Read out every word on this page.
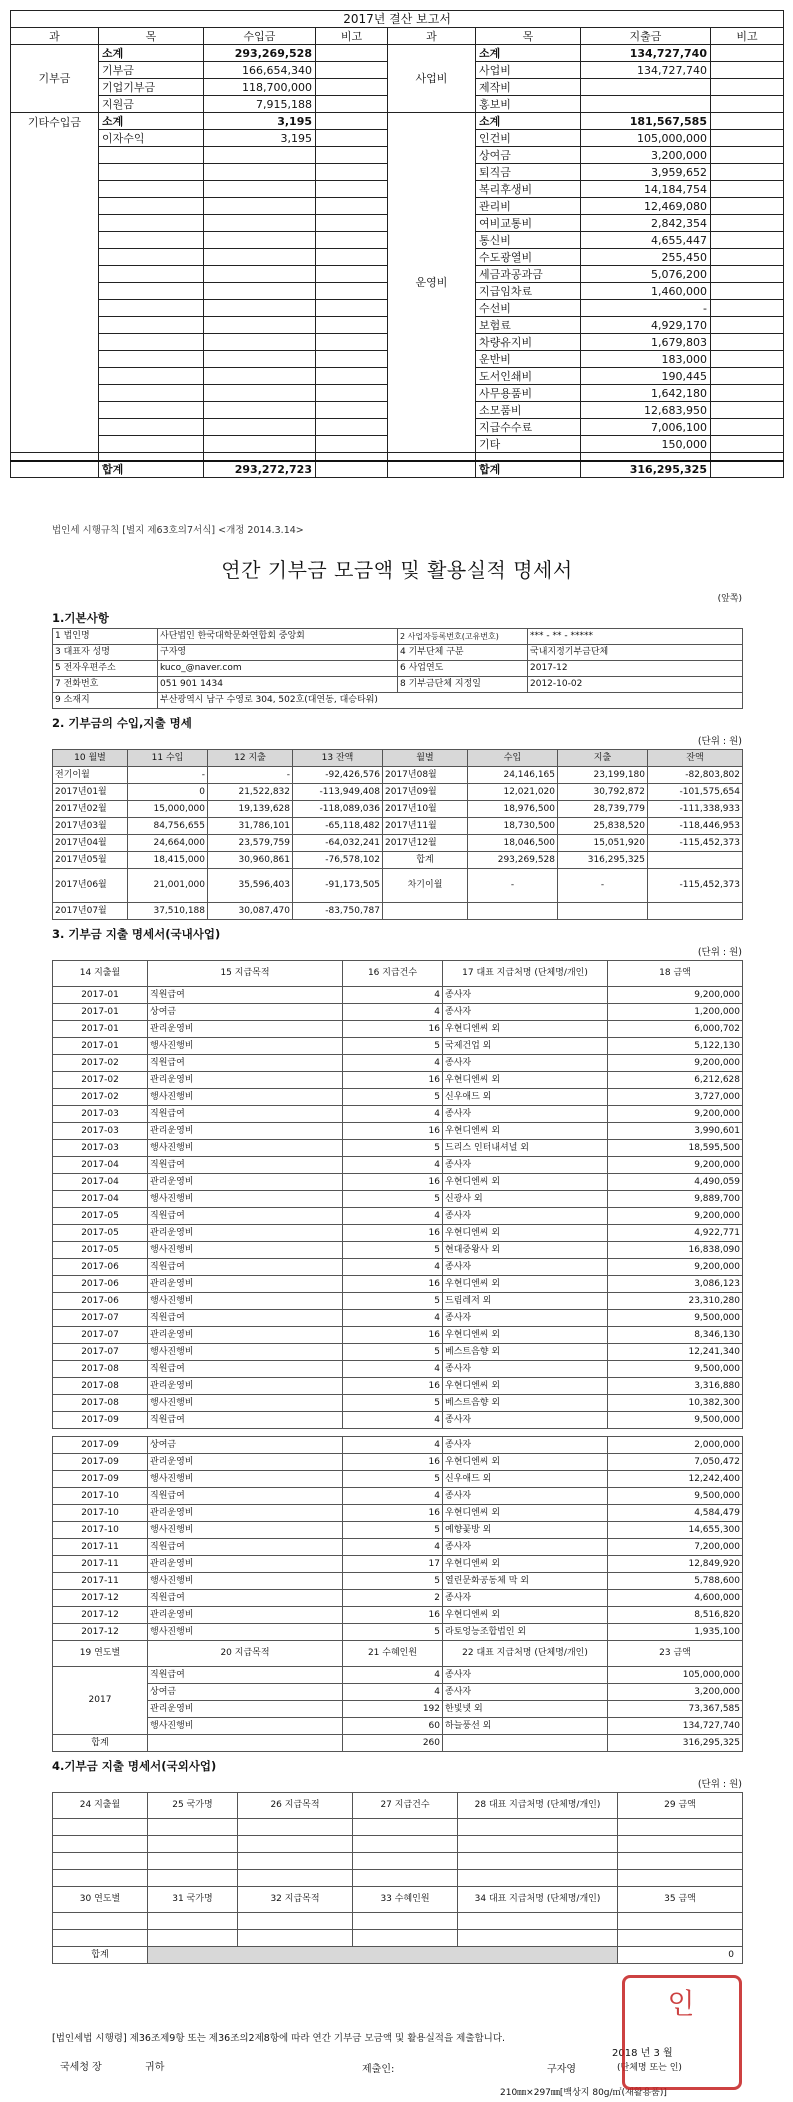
2017년 결산 보고서							
과	목	수입금	비고	과	목	지출금	비고
기부금	소계	293,269,528		사업비	소계	134,727,740	
	기부금	166,654,340			사업비	134,727,740	
	기업기부금	118,700,000			제작비		
	지원금	7,915,188			홍보비		
기타수입금	소계	3,195		운영비	소계	181,567,585	
	이자수익	3,195			인건비	105,000,000	
					상여금	3,200,000	
					퇴직금	3,959,652	
					복리후생비	14,184,754	
					관리비	12,469,080	
					여비교통비	2,842,354	
					통신비	4,655,447	
					수도광열비	255,450	
					세금과공과금	5,076,200	
					지급임차료	1,460,000	
					수선비	-	
					보험료	4,929,170	
					차량유지비	1,679,803	
					운반비	183,000	
					도서인쇄비	190,445	
					사무용품비	1,642,180	
					소모품비	12,683,950	
					지급수수료	7,006,100	
					기타	150,000	

	합계	293,272,723			합계	316,295,325	
법인세 시행규칙 [별지 제63호의7서식] <개정 2014.3.14>
연간 기부금 모금액 및 활용실적 명세서
(앞쪽)
1.기본사항
1 법인명	사단법인 한국대학문화연합회 중앙회	2 사업자등록번호(고유번호)	*** - ** - *****
3 대표자 성명	구자영	4 기부단체 구분	국내지정기부금단체
5 전자우편주소	kuco_@naver.com	6 사업연도	2017-12
7 전화번호	051 901 1434	8 기부금단체 지정일	2012-10-02
9 소재지	부산광역시 남구 수영로 304, 502호(대연동, 대승타워)		
2. 기부금의 수입,지출 명세
(단위 : 원)
10 월별	11 수입	12 지출	13 잔액	월별	수입	지출	잔액
전기이월	-	-	-92,426,576	2017년08월	24,146,165	23,199,180	-82,803,802
2017년01월	0	21,522,832	-113,949,408	2017년09월	12,021,020	30,792,872	-101,575,654
2017년02월	15,000,000	19,139,628	-118,089,036	2017년10월	18,976,500	28,739,779	-111,338,933
2017년03월	84,756,655	31,786,101	-65,118,482	2017년11월	18,730,500	25,838,520	-118,446,953
2017년04월	24,664,000	23,579,759	-64,032,241	2017년12월	18,046,500	15,051,920	-115,452,373
2017년05월	18,415,000	30,960,861	-76,578,102	합계	293,269,528	316,295,325	
2017년06월	21,001,000	35,596,403	-91,173,505	차기이월	-	-	-115,452,373
2017년07월	37,510,188	30,087,470	-83,750,787				
3. 기부금 지출 명세서(국내사업)
(단위 : 원)
14 지출월	15 지급목적	16 지급건수	17 대표 지급처명 (단체명/개인)	18 금액
2017-01	직원급여	4	종사자	9,200,000
2017-01	상여금	4	종사자	1,200,000
2017-01	관리운영비	16	우현디엔씨 외	6,000,702
2017-01	행사진행비	5	국제건업 외	5,122,130
2017-02	직원급여	4	종사자	9,200,000
2017-02	관리운영비	16	우현디엔씨 외	6,212,628
2017-02	행사진행비	5	신우애드 외	3,727,000
2017-03	직원급여	4	종사자	9,200,000
2017-03	관리운영비	16	우현디엔씨 외	3,990,601
2017-03	행사진행비	5	드리스 인터내셔널 외	18,595,500
2017-04	직원급여	4	종사자	9,200,000
2017-04	관리운영비	16	우현디엔씨 외	4,490,059
2017-04	행사진행비	5	신광사 외	9,889,700
2017-05	직원급여	4	종사자	9,200,000
2017-05	관리운영비	16	우현디엔씨 외	4,922,771
2017-05	행사진행비	5	현대중왕사 외	16,838,090
2017-06	직원급여	4	종사자	9,200,000
2017-06	관리운영비	16	우현디엔씨 외	3,086,123
2017-06	행사진행비	5	드림레저 외	23,310,280
2017-07	직원급여	4	종사자	9,500,000
2017-07	관리운영비	16	우현디엔씨 외	8,346,130
2017-07	행사진행비	5	베스트음향 외	12,241,340
2017-08	직원급여	4	종사자	9,500,000
2017-08	관리운영비	16	우현디엔씨 외	3,316,880
2017-08	행사진행비	5	베스트음향 외	10,382,300
2017-09	직원급여	4	종사자	9,500,000

2017-09	상여금	4	종사자	2,000,000
2017-09	관리운영비	16	우현디엔씨 외	7,050,472
2017-09	행사진행비	5	신우애드 외	12,242,400
2017-10	직원급여	4	종사자	9,500,000
2017-10	관리운영비	16	우현디엔씨 외	4,584,479
2017-10	행사진행비	5	예향꽃방 외	14,655,300
2017-11	직원급여	4	종사자	7,200,000
2017-11	관리운영비	17	우현디엔씨 외	12,849,920
2017-11	행사진행비	5	열린문화공동체 막 외	5,788,600
2017-12	직원급여	2	종사자	4,600,000
2017-12	관리운영비	16	우현디엔씨 외	8,516,820
2017-12	행사진행비	5	라토엉능조합법인 외	1,935,100
19 연도별	20 지급목적	21 수혜인원	22 대표 지급처명 (단체명/개인)	23 금액
2017	직원급여	4	종사자	105,000,000
	상여금	4	종사자	3,200,000
	관리운영비	192	한빛넷 외	73,367,585
	행사진행비	60	하늘풍선 외	134,727,740
합계		260		316,295,325
4.기부금 지출 명세서(국외사업)
(단위 : 원)
24 지출월	25 국가명	26 지급목적	27 지급건수	28 대표 지급처명 (단체명/개인)	29 금액

30 연도별	31 국가명	32 지급목적	33 수혜인원	34 대표 지급처명 (단체명/개인)	35 금액

합계					0
[법인세법 시행령] 제36조제9항 또는 제36조의2제8항에 따라 연간 기부금 모금액 및 활용실적을 제출합니다.
2018 년 3 월
제출인:	구자영	(단체명 또는 인)
국세청 장	귀하
210㎜×297㎜[백상지 80g/㎡(재활용품)]
인
